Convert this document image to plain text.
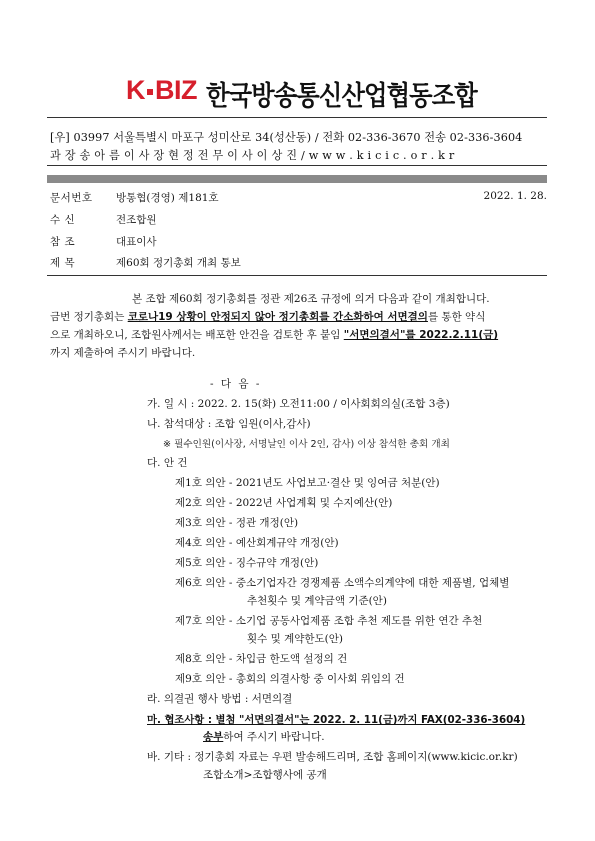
K BIZ 한국방송통신산업협동조합
[우] 03997 서울특별시 마포구 성미산로 34(성산동) / 전화 02-336-3670 전송 02-336-3604
과 장 송 아 름 이 사 장 현 정 전 무 이 사 이 상 진 / w w w . k i c i c . o r . k r
문서번호 방통협(경영) 제181호	2022. 1. 28.
수 신	전조합원
참 조	대표이사
제 목	제60회 정기총회 개최 통보
본 조합 제60회 정기총회를 정관 제26조 규정에 의거 다음과 같이 개최합니다.
금번 정기총회는 코로나19 상황이 안정되지 않아 정기총회를 간소화하여 서면결의를 통한 약식
으로 개최하오니, 조합원사께서는 배포한 안건을 검토한 후 붙임 "서면의결서"를 2022.2.11(금)
까지 제출하여 주시기 바랍니다.
- 다 음 -
가. 일 시 : 2022. 2. 15(화) 오전11:00 / 이사회회의실(조합 3층)
나. 참석대상 : 조합 임원(이사,감사)
※ 필수인원(이사장, 서명날인 이사 2인, 감사) 이상 참석한 총회 개최
다. 안 건
제1호 의안 - 2021년도 사업보고·결산 및 잉여금 처분(안)
제2호 의안 - 2022년 사업계획 및 수지예산(안)
제3호 의안 - 정관 개정(안)
제4호 의안 - 예산회계규약 개정(안)
제5호 의안 - 징수규약 개정(안)
제6호 의안 - 중소기업자간 경쟁제품 소액수의계약에 대한 제품별, 업체별
추천횟수 및 계약금액 기준(안)
제7호 의안 - 소기업 공동사업제품 조합 추천 제도를 위한 연간 추천
횟수 및 계약한도(안)
제8호 의안 - 차입금 한도액 설정의 건
제9호 의안 - 총회의 의결사항 중 이사회 위임의 건
라. 의결권 행사 방법 : 서면의결
마. 협조사항 : 별첨 "서면의결서"는 2022. 2. 11(금)까지 FAX(02-336-3604)
송부하여 주시기 바랍니다.
바. 기타 : 정기총회 자료는 우편 발송해드리며, 조합 홈페이지(www.kicic.or.kr)
조합소개>조합행사에 공개
